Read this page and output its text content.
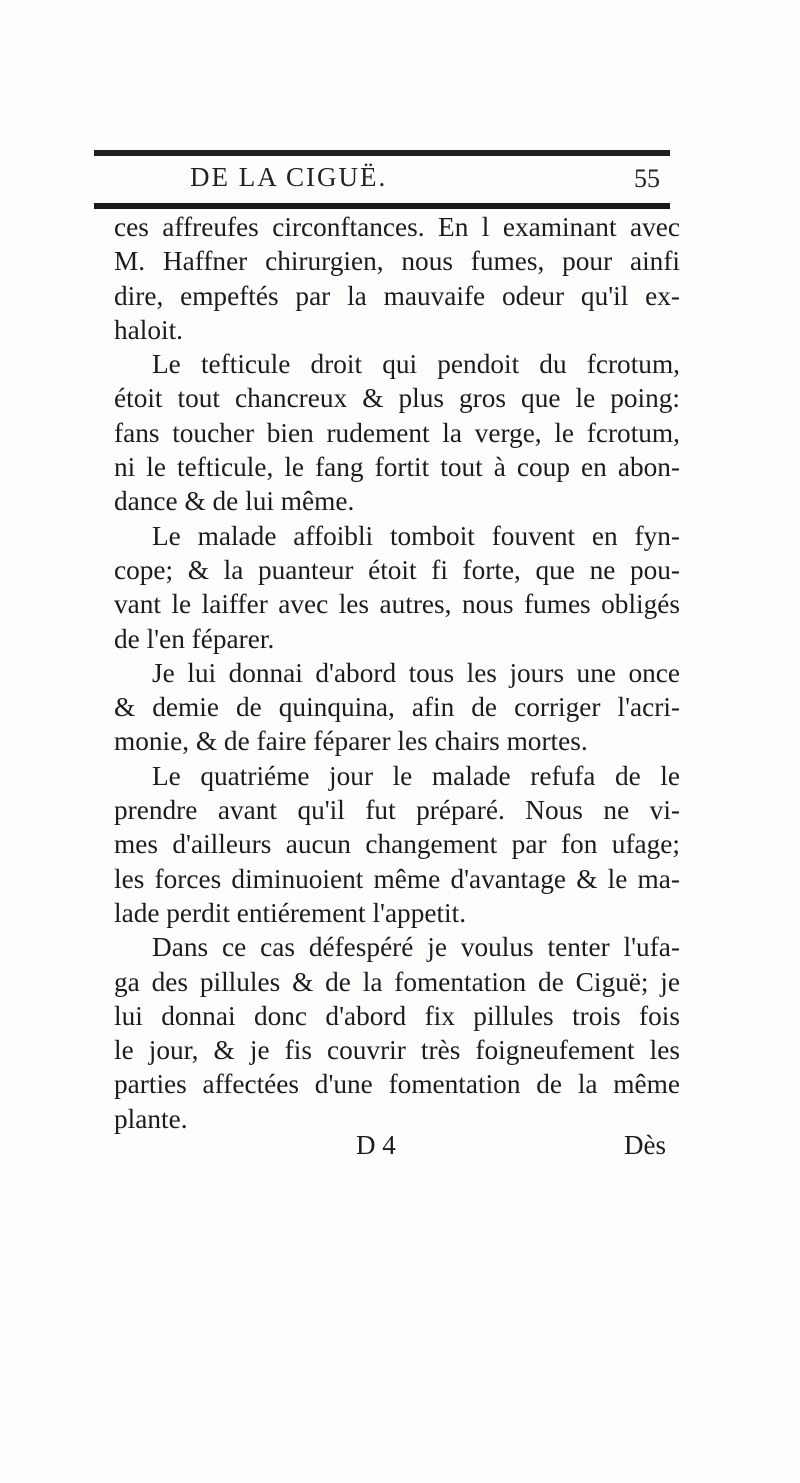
DE LA CIGUË.	55
ces affreufes circonftances. En l examinant avec
M. Haffner chirurgien, nous fumes, pour ainfi
dire, empeftés par la mauvaife odeur qu'il ex-
haloit.
Le tefticule droit qui pendoit du fcrotum,
étoit tout chancreux & plus gros que le poing:
fans toucher bien rudement la verge, le fcrotum,
ni le tefticule, le fang fortit tout à coup en abon-
dance & de lui même.
Le malade affoibli tomboit fouvent en fyn-
cope; & la puanteur étoit fi forte, que ne pou-
vant le laiffer avec les autres, nous fumes obligés
de l'en féparer.
Je lui donnai d'abord tous les jours une once
& demie de quinquina, afin de corriger l'acri-
monie, & de faire féparer les chairs mortes.
Le quatriéme jour le malade refufa de le
prendre avant qu'il fut préparé. Nous ne vi-
mes d'ailleurs aucun changement par fon ufage;
les forces diminuoient même d'avantage & le ma-
lade perdit entiérement l'appetit.
Dans ce cas défespéré je voulus tenter l'ufa-
ga des pillules & de la fomentation de Ciguë; je
lui donnai donc d'abord fix pillules trois fois
le jour, & je fis couvrir très foigneufement les
parties affectées d'une fomentation de la même
plante.
D 4	Dès
